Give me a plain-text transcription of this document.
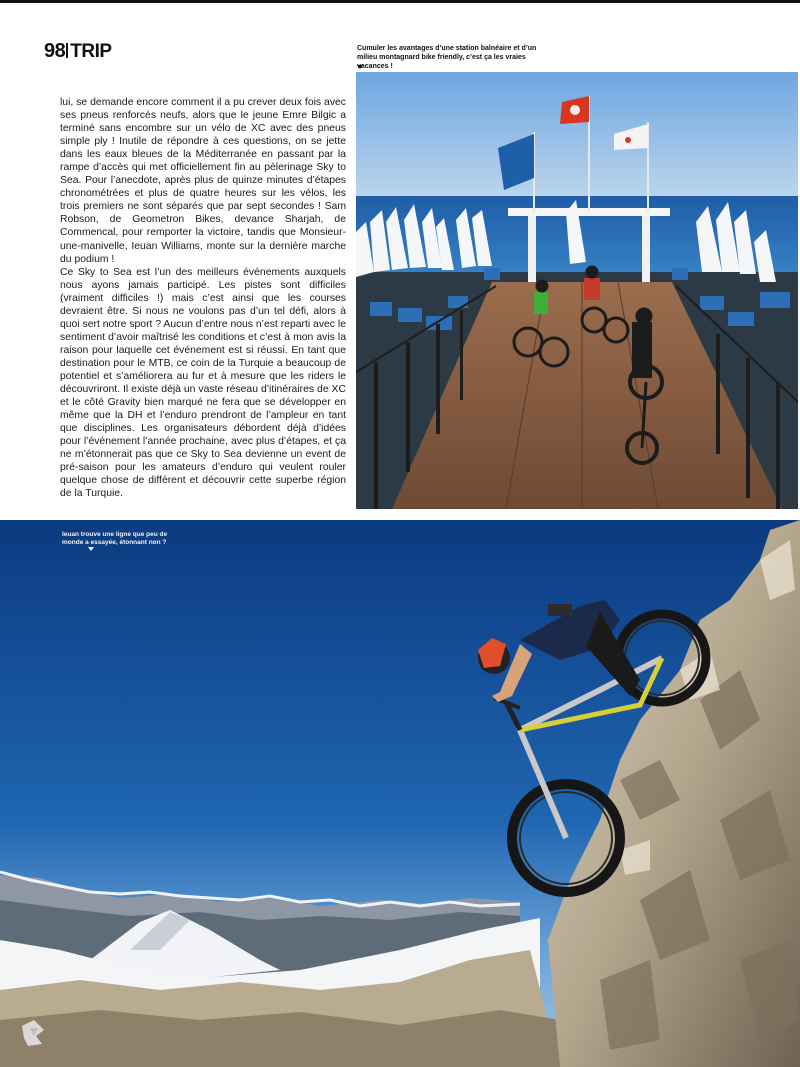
98 TRIP	Cumuler les avantages d’une station balnéaire et d’un milieu montagnard bike friendly, c’est ça les vraies vacances !

lui, se demande encore comment il a pu crever deux fois avec ses pneus renforcés neufs, alors que le jeune Emre Bilgic a terminé sans encombre sur un vélo de XC avec des pneus simple ply ! Inutile de répondre à ces questions, on se jette dans les eaux bleues de la Méditerranée en passant par la rampe d’accès qui met officiellement fin au pèlerinage Sky to Sea. Pour l’anecdote, après plus de quinze minutes d’étapes chronométrées et plus de quatre heures sur les vélos, les trois premiers ne sont séparés que par sept secondes ! Sam Robson, de Geometron Bikes, devance Sharjah, de Commencal, pour remporter la victoire, tandis que Monsieur-une-manivelle, Ieuan Williams, monte sur la dernière marche du podium !

Ce Sky to Sea est l’un des meilleurs événements auxquels nous ayons jamais participé. Les pistes sont difficiles (vraiment difficiles !) mais c’est ainsi que les courses devraient être. Si nous ne voulons pas d’un tel défi, alors à quoi sert notre sport ? Aucun d’entre nous n’est reparti avec le sentiment d’avoir maîtrisé les conditions et c’est à mon avis la raison pour laquelle cet événement est si réussi. En tant que destination pour le MTB, ce coin de la Turquie a beaucoup de potentiel et s’améliorera au fur et à mesure que les riders le découvriront. Il existe déjà un vaste réseau d’itinéraires de XC et le côté Gravity bien marqué ne fera que se développer en même que la DH et l’enduro prendront de l’ampleur en tant que disciplines. Les organisateurs débordent déjà d’idées pour l’événement l’année prochaine, avec plus d’étapes, et ça ne m’étonnerait pas que ce Sky to Sea devienne un event de pré-saison pour les amateurs d’enduro qui veulent rouler quelque chose de différent et découvrir cette superbe région de la Turquie.

Ieuan trouve une ligne que peu de monde a essayée, étonnant non ?
